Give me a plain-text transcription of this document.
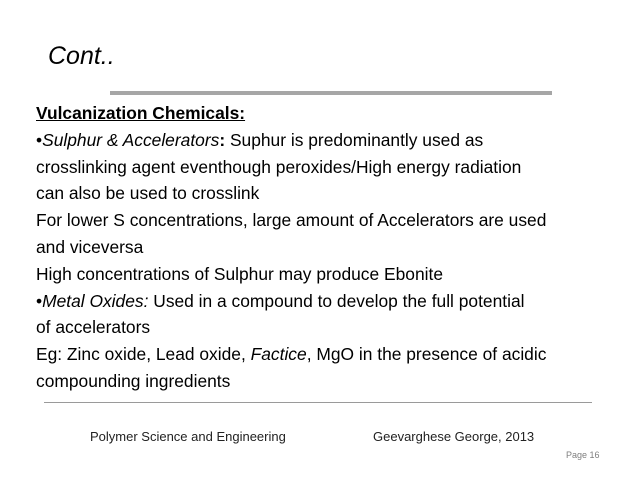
Cont..

Vulcanization Chemicals:

•Sulphur & Accelerators: Suphur is predominantly used as

crosslinking agent eventhough peroxides/High energy radiation

can also be used to crosslink

For lower S concentrations, large amount of Accelerators are used

and viceversa

High concentrations of Sulphur may produce Ebonite

•Metal Oxides: Used in a compound to develop the full potential

of accelerators

Eg: Zinc oxide, Lead oxide, Factice, MgO in the presence of acidic

compounding ingredients

Polymer Science and Engineering	Geevarghese George, 2013
Page 16
